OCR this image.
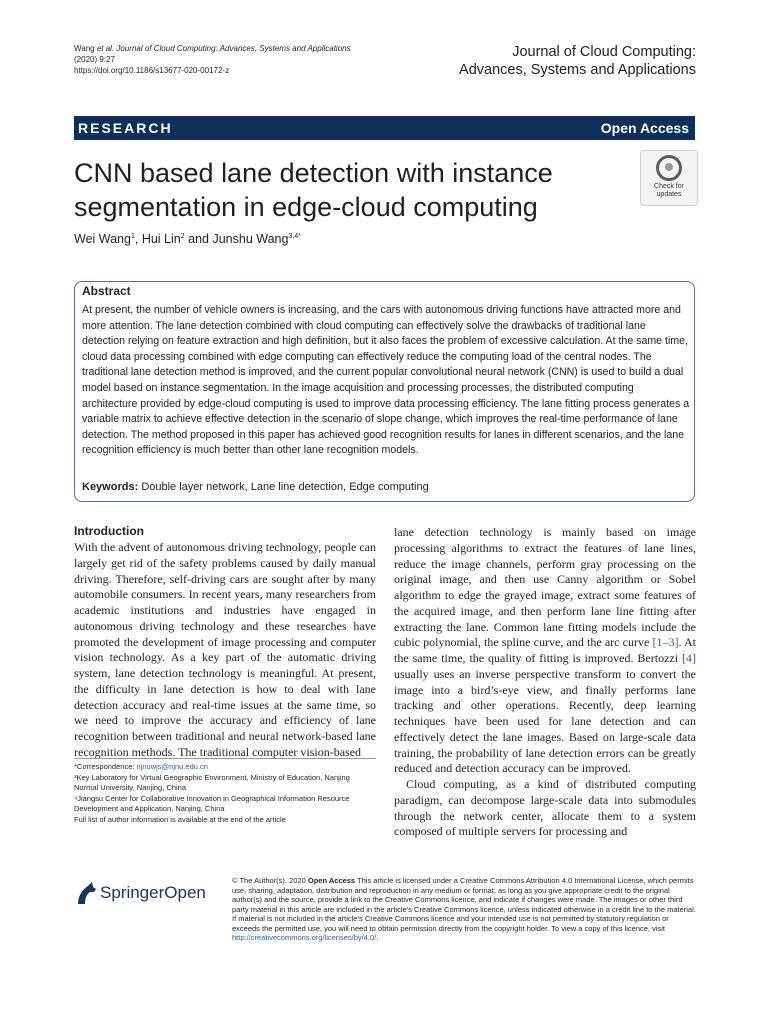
Wang et al. Journal of Cloud Computing: Advances, Systems and Applications (2020) 9:27
https://doi.org/10.1186/s13677-020-00172-z
Journal of Cloud Computing:
Advances, Systems and Applications
RESEARCH	Open Access
CNN based lane detection with instance segmentation in edge-cloud computing
Check for
updates
Wei Wang$^1$, Hui Lin$^2$ and Junshu Wang$^{3,4*}$
Abstract
At present, the number of vehicle owners is increasing, and the cars with autonomous driving functions have attracted more and more attention. The lane detection combined with cloud computing can effectively solve the drawbacks of traditional lane detection relying on feature extraction and high definition, but it also faces the problem of excessive calculation. At the same time, cloud data processing combined with edge computing can effectively reduce the computing load of the central nodes. The traditional lane detection method is improved, and the current popular convolutional neural network (CNN) is used to build a dual model based on instance segmentation. In the image acquisition and processing processes, the distributed computing architecture provided by edge-cloud computing is used to improve data processing efficiency. The lane fitting process generates a variable matrix to achieve effective detection in the scenario of slope change, which improves the real-time performance of lane detection. The method proposed in this paper has achieved good recognition results for lanes in different scenarios, and the lane recognition efficiency is much better than other lane recognition models.
Keywords: Double layer network, Lane line detection, Edge computing
Introduction
With the advent of autonomous driving technology, people can largely get rid of the safety problems caused by daily manual driving. Therefore, self-driving cars are sought after by many automobile consumers. In recent years, many researchers from academic institutions and industries have engaged in autonomous driving technology and these researches have promoted the development of image processing and computer vision technology. As a key part of the automatic driving system, lane detection technology is meaningful. At present, the difficulty in lane detection is how to deal with lane detection accuracy and real-time issues at the same time, so we need to improve the accuracy and efficiency of lane recognition between traditional and neural network-based lane recognition methods. The traditional computer vision-based
lane detection technology is mainly based on image processing algorithms to extract the features of lane lines, reduce the image channels, perform gray processing on the original image, and then use Canny algorithm or Sobel algorithm to edge the grayed image, extract some features of the acquired image, and then perform lane line fitting after extracting the lane. Common lane fitting models include the cubic polynomial, the spline curve, and the arc curve [1–3]. At the same time, the quality of fitting is improved. Bertozzi [4] usually uses an inverse perspective transform to convert the image into a bird’s-eye view, and finally performs lane tracking and other operations. Recently, deep learning techniques have been used for lane detection and can effectively detect the lane images. Based on large-scale data training, the probability of lane detection errors can be greatly reduced and detection accuracy can be improved.
Cloud computing, as a kind of distributed computing paradigm, can decompose large-scale data into submodules through the network center, allocate them to a system composed of multiple servers for processing and
*Correspondence: njnuwjs@njnu.edu.cn
³Key Laboratory for Virtual Geographic Environment, Ministry of Education, Nanjing Normal University, Nanjing, China
⁴Jiangsu Center for Collaborative Innovation in Geographical Information Resource Development and Application, Nanjing, China
Full list of author information is available at the end of the article
SpringerOpen
© The Author(s). 2020 Open Access This article is licensed under a Creative Commons Attribution 4.0 International License, which permits use, sharing, adaptation, distribution and reproduction in any medium or format, as long as you give appropriate credit to the original author(s) and the source, provide a link to the Creative Commons licence, and indicate if changes were made. The images or other third party material in this article are included in the article’s Creative Commons licence, unless indicated otherwise in a credit line to the material. If material is not included in the article’s Creative Commons licence and your intended use is not permitted by statutory regulation or exceeds the permitted use, you will need to obtain permission directly from the copyright holder. To view a copy of this licence, visit http://creativecommons.org/licenses/by/4.0/.
